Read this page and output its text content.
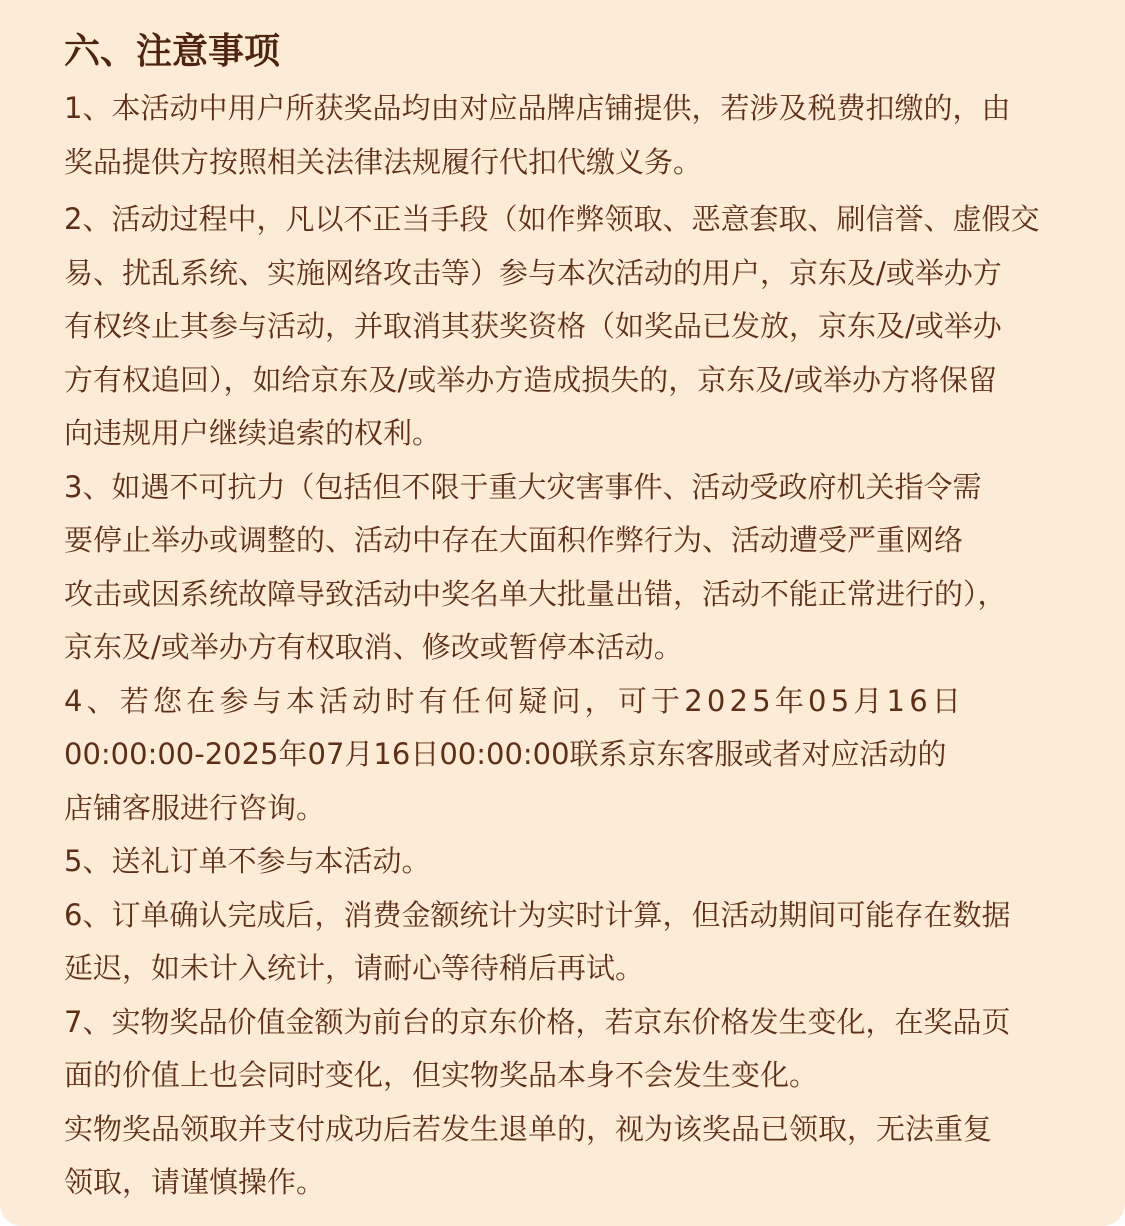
六、注意事项

1、本活动中用户所获奖品均由对应品牌店铺提供，若涉及税费扣缴的，由
奖品提供方按照相关法律法规履行代扣代缴义务。

2、活动过程中，凡以不正当手段（如作弊领取、恶意套取、刷信誉、虚假交
易、扰乱系统、实施网络攻击等）参与本次活动的用户，京东及/或举办方
有权终止其参与活动，并取消其获奖资格（如奖品已发放，京东及/或举办
方有权追回），如给京东及/或举办方造成损失的，京东及/或举办方将保留
向违规用户继续追索的权利。

3、如遇不可抗力（包括但不限于重大灾害事件、活动受政府机关指令需
要停止举办或调整的、活动中存在大面积作弊行为、活动遭受严重网络
攻击或因系统故障导致活动中奖名单大批量出错，活动不能正常进行的），
京东及/或举办方有权取消、修改或暂停本活动。

4、若您在参与本活动时有任何疑问，可于2025年05月16日
00:00:00-2025年07月16日00:00:00联系京东客服或者对应活动的
店铺客服进行咨询。

5、送礼订单不参与本活动。

6、订单确认完成后，消费金额统计为实时计算，但活动期间可能存在数据
延迟，如未计入统计，请耐心等待稍后再试。

7、实物奖品价值金额为前台的京东价格，若京东价格发生变化，在奖品页
面的价值上也会同时变化，但实物奖品本身不会发生变化。

实物奖品领取并支付成功后若发生退单的，视为该奖品已领取，无法重复
领取，请谨慎操作。
